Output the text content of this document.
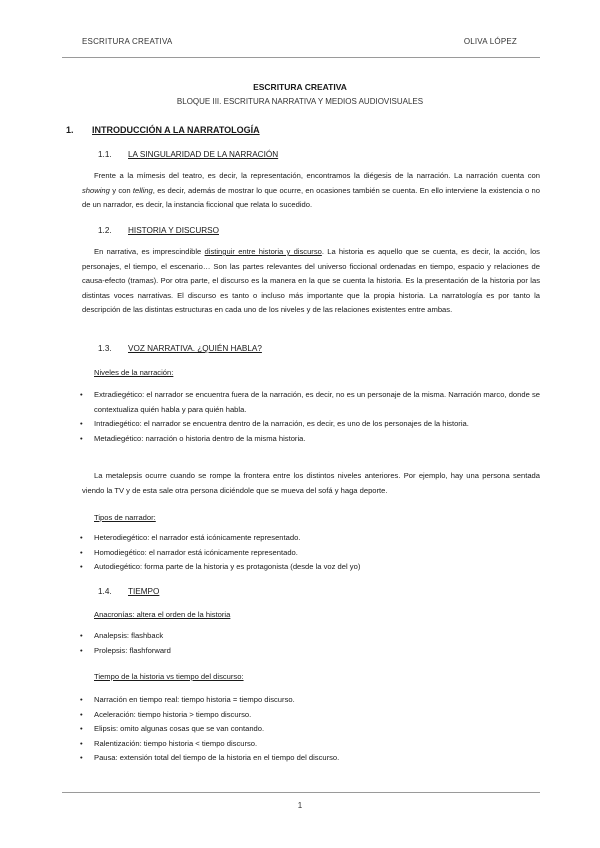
ESCRITURA CREATIVA	OLIVA LÓPEZ
ESCRITURA CREATIVA
BLOQUE III. ESCRITURA NARRATIVA Y MEDIOS AUDIOVISUALES
1. INTRODUCCIÓN A LA NARRATOLOGÍA
1.1. LA SINGULARIDAD DE LA NARRACIÓN

Frente a la mímesis del teatro, es decir, la representación, encontramos la diégesis de la narración. La narración cuenta con showing y con telling, es decir, además de mostrar lo que ocurre, en ocasiones también se cuenta. En ello interviene la existencia o no de un narrador, es decir, la instancia ficcional que relata lo sucedido.

1.2. HISTORIA Y DISCURSO

En narrativa, es imprescindible distinguir entre historia y discurso. La historia es aquello que se cuenta, es decir, la acción, los personajes, el tiempo, el escenario… Son las partes relevantes del universo ficcional ordenadas en tiempo, espacio y relaciones de causa-efecto (tramas). Por otra parte, el discurso es la manera en la que se cuenta la historia. Es la presentación de la historia por las distintas voces narrativas. El discurso es tanto o incluso más importante que la propia historia. La narratología es por tanto la descripción de las distintas estructuras en cada uno de los niveles y de las relaciones existentes entre ambas.

1.3. VOZ NARRATIVA. ¿QUIÉN HABLA?
Niveles de la narración:
• Extradiegético: el narrador se encuentra fuera de la narración, es decir, no es un personaje de la misma. Narración marco, donde se contextualiza quién habla y para quién habla.
• Intradiegético: el narrador se encuentra dentro de la narración, es decir, es uno de los personajes de la historia.
• Metadiegético: narración o historia dentro de la misma historia.

La metalepsis ocurre cuando se rompe la frontera entre los distintos niveles anteriores. Por ejemplo, hay una persona sentada viendo la TV y de esta sale otra persona diciéndole que se mueva del sofá y haga deporte.

Tipos de narrador:
• Heterodiegético: el narrador está icónicamente representado.
• Homodiegético: el narrador está icónicamente representado.
• Autodiegético: forma parte de la historia y es protagonista (desde la voz del yo)
1.4. TIEMPO
Anacronías: altera el orden de la historia
• Analepsis: flashback
• Prolepsis: flashforward
Tiempo de la historia vs tiempo del discurso:
• Narración en tiempo real: tiempo historia = tiempo discurso.
• Aceleración: tiempo historia > tiempo discurso.
• Elipsis: omito algunas cosas que se van contando.
• Ralentización: tiempo historia < tiempo discurso.
• Pausa: extensión total del tiempo de la historia en el tiempo del discurso.
1
